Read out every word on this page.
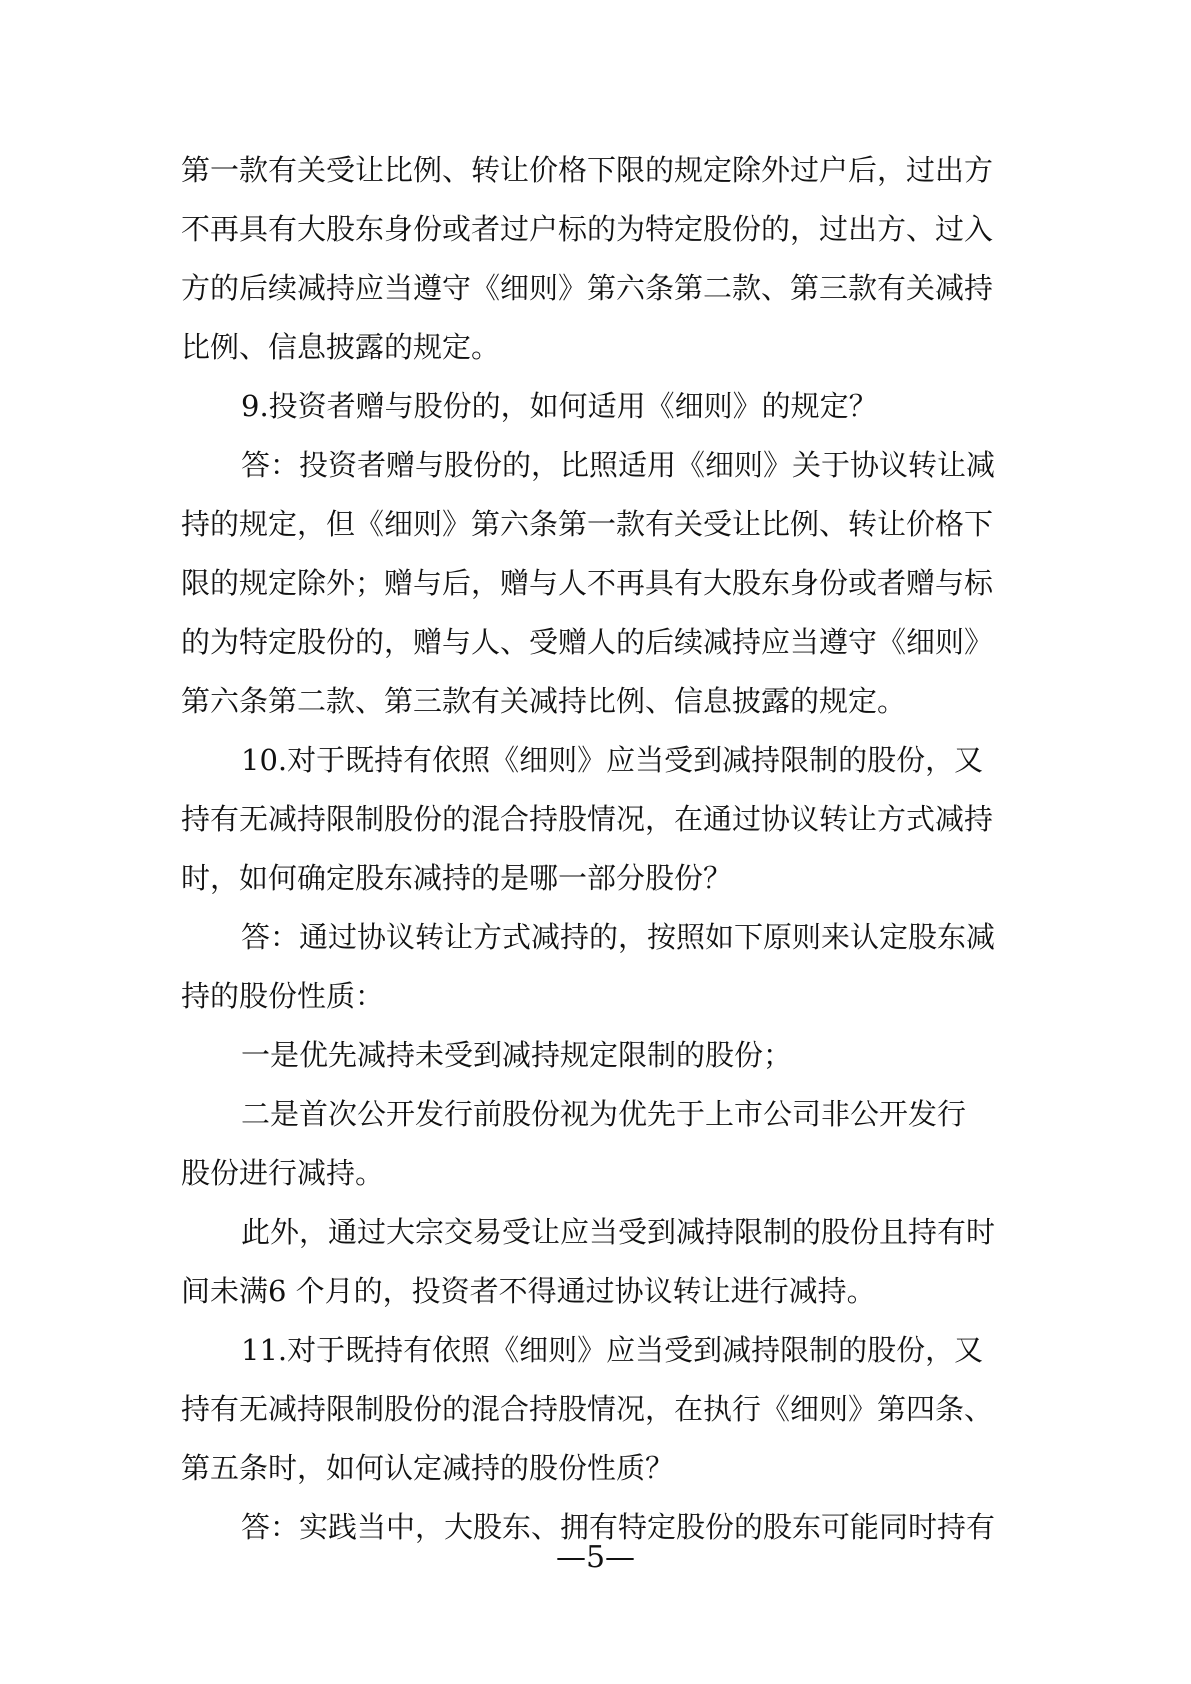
第一款有关受让比例、转让价格下限的规定除外过户后，过出方
不再具有大股东身份或者过户标的为特定股份的，过出方、过入
方的后续减持应当遵守《细则》第六条第二款、第三款有关减持
比例、信息披露的规定。
9.投资者赠与股份的，如何适用《细则》的规定？
答：投资者赠与股份的，比照适用《细则》关于协议转让减
持的规定，但《细则》第六条第一款有关受让比例、转让价格下
限的规定除外；赠与后，赠与人不再具有大股东身份或者赠与标
的为特定股份的，赠与人、受赠人的后续减持应当遵守《细则》
第六条第二款、第三款有关减持比例、信息披露的规定。
10.对于既持有依照《细则》应当受到减持限制的股份，又
持有无减持限制股份的混合持股情况，在通过协议转让方式减持
时，如何确定股东减持的是哪一部分股份？
答：通过协议转让方式减持的，按照如下原则来认定股东减
持的股份性质：
一是优先减持未受到减持规定限制的股份；
二是首次公开发行前股份视为优先于上市公司非公开发行
股份进行减持。
此外，通过大宗交易受让应当受到减持限制的股份且持有时
间未满6 个月的，投资者不得通过协议转让进行减持。
11.对于既持有依照《细则》应当受到减持限制的股份，又
持有无减持限制股份的混合持股情况，在执行《细则》第四条、
第五条时，如何认定减持的股份性质？
答：实践当中，大股东、拥有特定股份的股东可能同时持有
—5—
